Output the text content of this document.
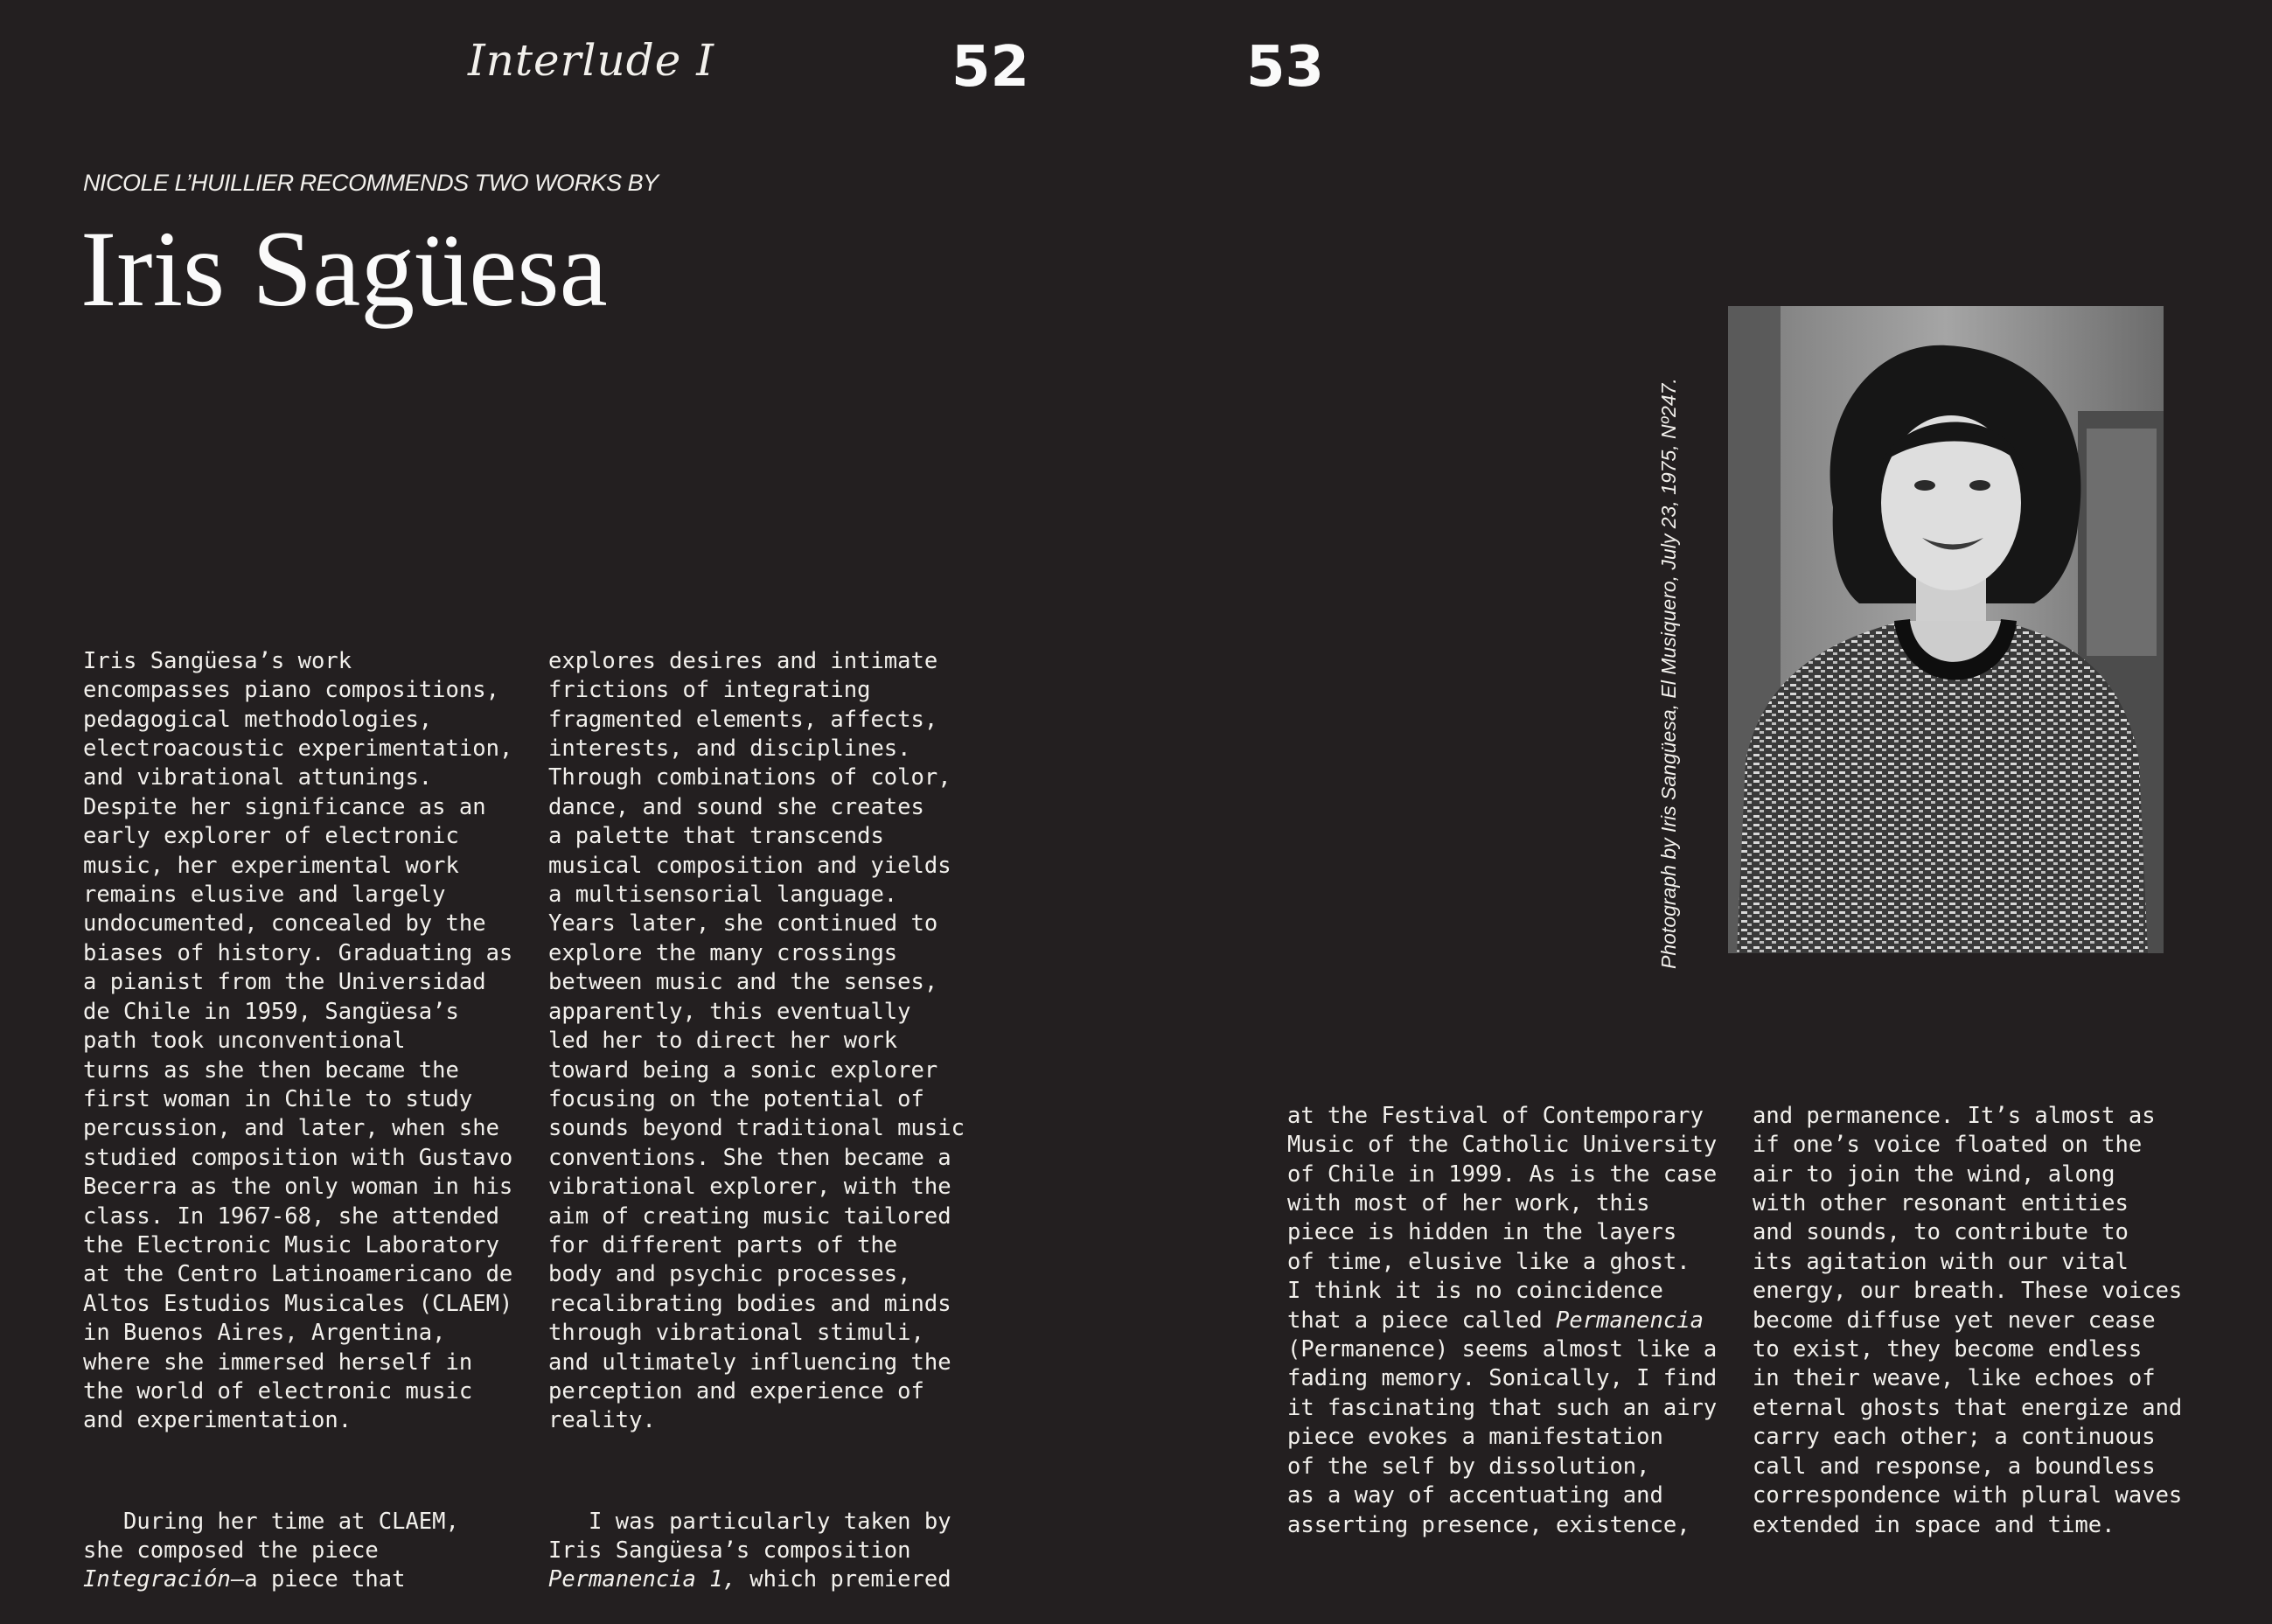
Interlude I	52	53
NICOLE L’HUILLIER RECOMMENDS TWO WORKS BY
Iris Sagüesa

Iris Sangüesa’s work
encompasses piano compositions,
pedagogical methodologies,
electroacoustic experimentation,
and vibrational attunings.
Despite her significance as an
early explorer of electronic
music, her experimental work
remains elusive and largely
undocumented, concealed by the
biases of history. Graduating as
a pianist from the Universidad
de Chile in 1959, Sangüesa’s
path took unconventional
turns as she then became the
first woman in Chile to study
percussion, and later, when she
studied composition with Gustavo
Becerra as the only woman in his
class. In 1967-68, she attended
the Electronic Music Laboratory
at the Centro Latinoamericano de
Altos Estudios Musicales (CLAEM)
in Buenos Aires, Argentina,
where she immersed herself in
the world of electronic music
and experimentation.

During her time at CLAEM,
she composed the piece
Integración—a piece that

explores desires and intimate
frictions of integrating
fragmented elements, affects,
interests, and disciplines.
Through combinations of color,
dance, and sound she creates
a palette that transcends
musical composition and yields
a multisensorial language.
Years later, she continued to
explore the many crossings
between music and the senses,
apparently, this eventually
led her to direct her work
toward being a sonic explorer
focusing on the potential of
sounds beyond traditional music
conventions. She then became a
vibrational explorer, with the
aim of creating music tailored
for different parts of the
body and psychic processes,
recalibrating bodies and minds
through vibrational stimuli,
and ultimately influencing the
perception and experience of
reality.

I was particularly taken by
Iris Sangüesa’s composition
Permanencia 1, which premiered

at the Festival of Contemporary
Music of the Catholic University
of Chile in 1999. As is the case
with most of her work, this
piece is hidden in the layers
of time, elusive like a ghost.
I think it is no coincidence
that a piece called Permanencia
(Permanence) seems almost like a
fading memory. Sonically, I find
it fascinating that such an airy
piece evokes a manifestation
of the self by dissolution,
as a way of accentuating and
asserting presence, existence,

and permanence. It’s almost as
if one’s voice floated on the
air to join the wind, along
with other resonant entities
and sounds, to contribute to
its agitation with our vital
energy, our breath. These voices
become diffuse yet never cease
to exist, they become endless
in their weave, like echoes of
eternal ghosts that energize and
carry each other; a continuous
call and response, a boundless
correspondence with plural waves
extended in space and time.

Photograph by Iris Sangüesa, El Musiquero, July 23, 1975, Nº247.
